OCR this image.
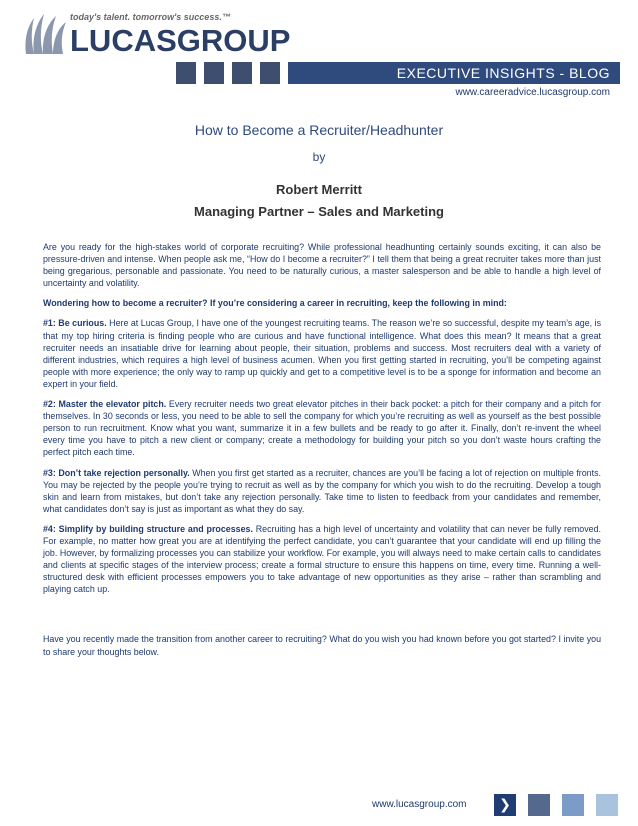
today's talent. tomorrow's success.™
LUCASGROUP
EXECUTIVE INSIGHTS - BLOG
www.careeradvice.lucasgroup.com
How to Become a Recruiter/Headhunter
by
Robert Merritt
Managing Partner – Sales and Marketing

Are you ready for the high-stakes world of corporate recruiting? While professional headhunting certainly sounds exciting, it can also be pressure-driven and intense. When people ask me, “How do I become a recruiter?” I tell them that being a great recruiter takes more than just being gregarious, personable and passionate. You need to be naturally curious, a master salesperson and be able to handle a high level of uncertainty and volatility.

Wondering how to become a recruiter? If you’re considering a career in recruiting, keep the following in mind:

#1: Be curious. Here at Lucas Group, I have one of the youngest recruiting teams. The reason we’re so successful, despite my team’s age, is that my top hiring criteria is finding people who are curious and have functional intelligence. What does this mean? It means that a great recruiter needs an insatiable drive for learning about people, their situation, problems and success. Most recruiters deal with a variety of different industries, which requires a high level of business acumen. When you first getting started in recruiting, you’ll be competing against people with more experience; the only way to ramp up quickly and get to a competitive level is to be a sponge for information and become an expert in your field.

#2: Master the elevator pitch. Every recruiter needs two great elevator pitches in their back pocket: a pitch for their company and a pitch for themselves. In 30 seconds or less, you need to be able to sell the company for which you’re recruiting as well as yourself as the best possible person to run recruitment. Know what you want, summarize it in a few bullets and be ready to go after it. Finally, don’t re-invent the wheel every time you have to pitch a new client or company; create a methodology for building your pitch so you don’t waste hours crafting the perfect pitch each time.

#3: Don’t take rejection personally. When you first get started as a recruiter, chances are you’ll be facing a lot of rejection on multiple fronts. You may be rejected by the people you’re trying to recruit as well as by the company for which you wish to do the recruiting. Develop a tough skin and learn from mistakes, but don’t take any rejection personally. Take time to listen to feedback from your candidates and remember, what candidates don’t say is just as important as what they do say.

#4: Simplify by building structure and processes. Recruiting has a high level of uncertainty and volatility that can never be fully removed. For example, no matter how great you are at identifying the perfect candidate, you can’t guarantee that your candidate will end up filling the job. However, by formalizing processes you can stabilize your workflow. For example, you will always need to make certain calls to candidates and clients at specific stages of the interview process; create a formal structure to ensure this happens on time, every time. Running a well-structured desk with efficient processes empowers you to take advantage of new opportunities as they arise – rather than scrambling and playing catch up.

Have you recently made the transition from another career to recruiting? What do you wish you had known before you got started? I invite you to share your thoughts below.

www.lucasgroup.com	❯
